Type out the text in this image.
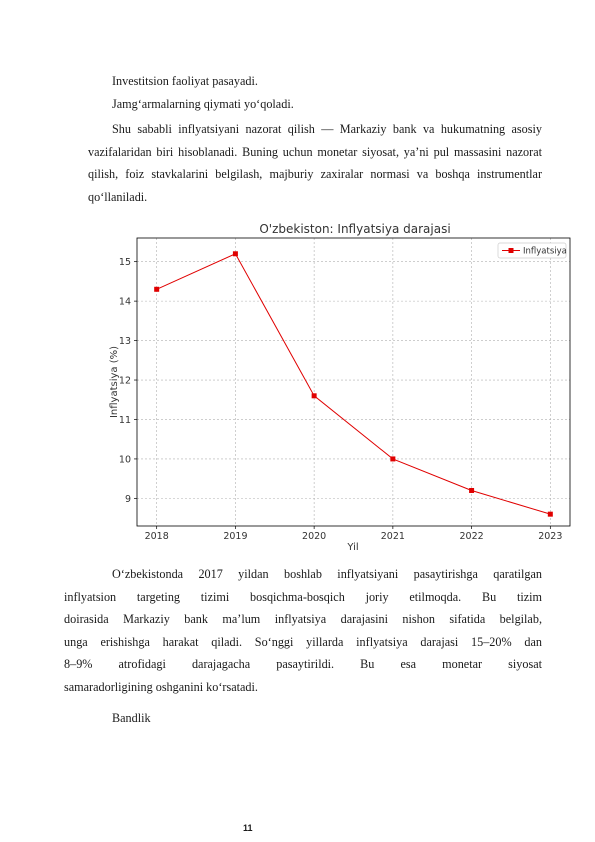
Investitsion faoliyat pasayadi.

Jamg‘armalarning qiymati yo‘qoladi.

Shu sababli inflyatsiyani nazorat qilish — Markaziy bank va hukumatning asosiy vazifalaridan biri hisoblanadi. Buning uchun monetar siyosat, ya’ni pul massasini nazorat qilish, foiz stavkalarini belgilash, majburiy zaxiralar normasi va boshqa instrumentlar qo‘llaniladi.

O'zbekiston: Inflyatsiya darajasi
9
10
11
12
13
14
15
2018	2019	2020	2021	2022	2023
Yil
Inflyatsiya (%)
Inflyatsiya
O‘zbekistonda 2017 yildan boshlab inflyatsiyani pasaytirishga qaratilgan
inflyatsion targeting tizimi bosqichma-bosqich joriy etilmoqda. Bu tizim
doirasida Markaziy bank ma’lum inflyatsiya darajasini nishon sifatida belgilab,
unga erishishga harakat qiladi. So‘nggi yillarda inflyatsiya darajasi 15–20% dan
8–9% atrofidagi darajagacha pasaytirildi. Bu esa monetar siyosat
samaradorligining oshganini ko‘rsatadi.

Bandlik

11
